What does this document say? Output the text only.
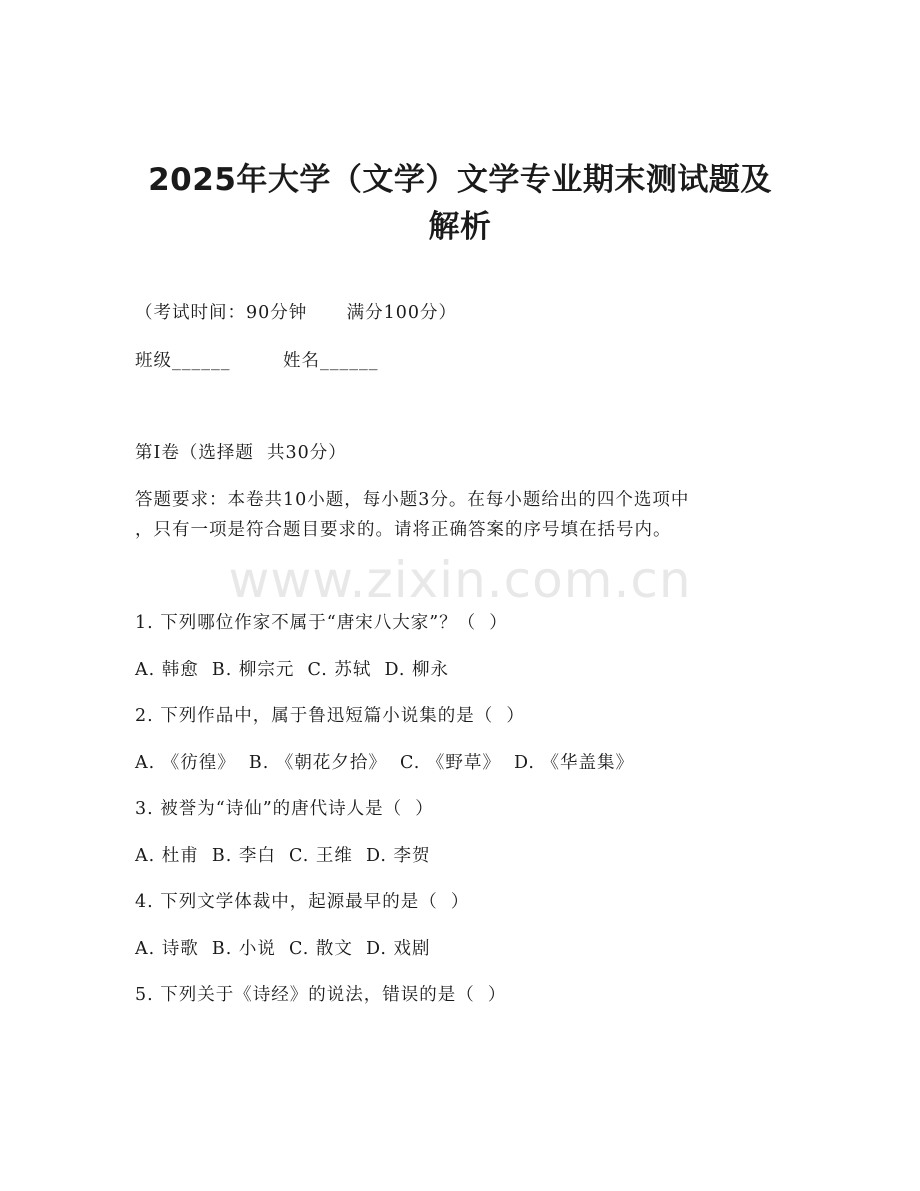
2025年大学（文学）文学专业期末测试题及
解析
（考试时间：90分钟      满分100分）
班级______        姓名______
第Ⅰ卷（选择题  共30分）
答题要求：本卷共10小题，每小题3分。在每小题给出的四个选项中
，只有一项是符合题目要求的。请将正确答案的序号填在括号内。
www.zixin.com.cn
1. 下列哪位作家不属于“唐宋八大家”？（  ）
A. 韩愈  B. 柳宗元  C. 苏轼  D. 柳永
2. 下列作品中，属于鲁迅短篇小说集的是（  ）
A. 《彷徨》  B. 《朝花夕拾》  C. 《野草》  D. 《华盖集》
3. 被誉为“诗仙”的唐代诗人是（  ）
A. 杜甫  B. 李白  C. 王维  D. 李贺
4. 下列文学体裁中，起源最早的是（  ）
A. 诗歌  B. 小说  C. 散文  D. 戏剧
5. 下列关于《诗经》的说法，错误的是（  ）
